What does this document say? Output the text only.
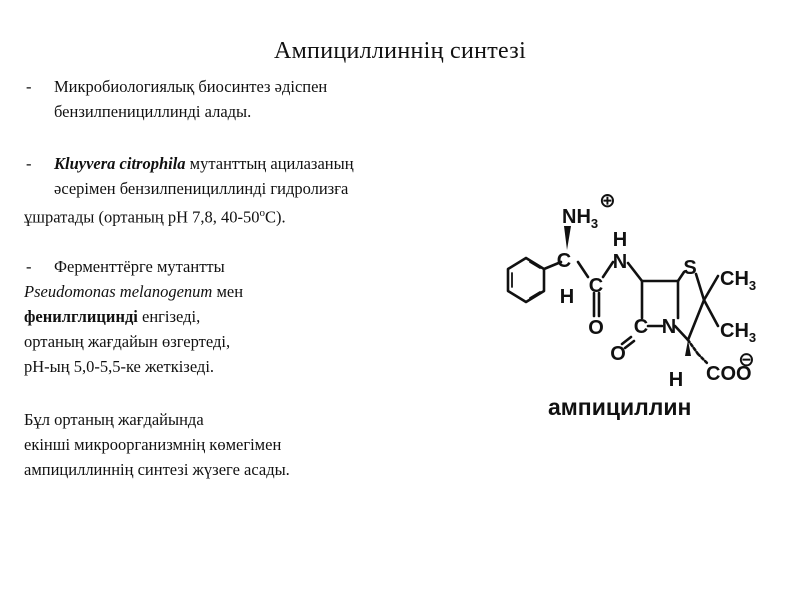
Ампициллиннің синтезі
- Микробиологиялық биосинтез әдіспен
бензилпенициллинді алады.
- Kluyvera citrophila мутанттың ацилазаның
әсерімен бензилпенициллинді гидролизға

ұшратады (ортаның рН 7,8, $40-50^оС$).

- Ферменттёрге мутантты

Pseudomonas melanogenum мен

фенилглицинді енгізеді,

ортаның жағдайын өзгертеді,

рН-ың 5,0-5,5-ке жеткізеді.

Бұл ортаның жағдайында

екінші микроорганизмнің көмегімен

ампициллиннің синтезі жүзеге асады.

$NH_3$
⊕
C
H C
O
N
H
S
N
C
O
$CH_3$
$CH_3$
H COO
⊖
ампициллин
